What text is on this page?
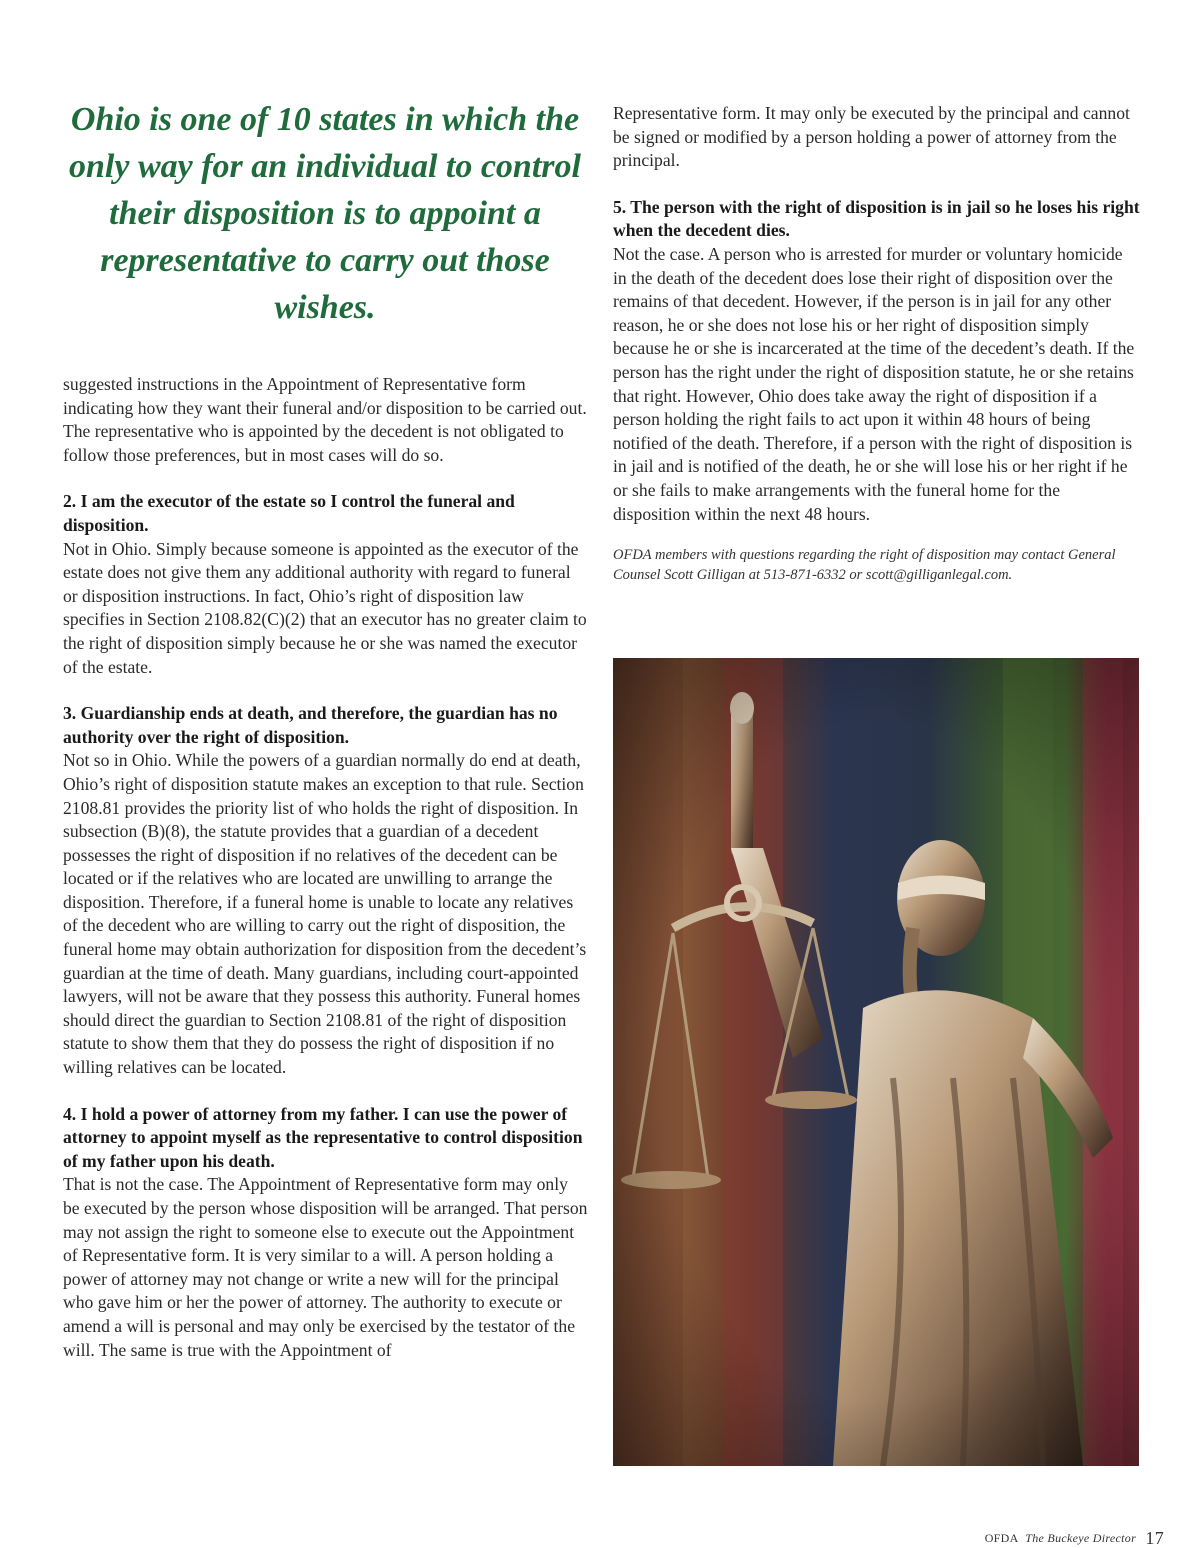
Ohio is one of 10 states in which the only way for an individual to control their disposition is to appoint a representative to carry out those wishes.

suggested instructions in the Appointment of Representative form indicating how they want their funeral and/or disposition to be carried out. The representative who is appointed by the decedent is not obligated to follow those preferences, but in most cases will do so.

2. I am the executor of the estate so I control the funeral and disposition.

Not in Ohio. Simply because someone is appointed as the executor of the estate does not give them any additional authority with regard to funeral or disposition instructions. In fact, Ohio’s right of disposition law specifies in Section 2108.82(C)(2) that an executor has no greater claim to the right of disposition simply because he or she was named the executor of the estate.

3. Guardianship ends at death, and therefore, the guardian has no authority over the right of disposition.

Not so in Ohio. While the powers of a guardian normally do end at death, Ohio’s right of disposition statute makes an exception to that rule. Section 2108.81 provides the priority list of who holds the right of disposition. In subsection (B)(8), the statute provides that a guardian of a decedent possesses the right of disposition if no relatives of the decedent can be located or if the relatives who are located are unwilling to arrange the disposition. Therefore, if a funeral home is unable to locate any relatives of the decedent who are willing to carry out the right of disposition, the funeral home may obtain authorization for disposition from the decedent’s guardian at the time of death. Many guardians, including court-appointed lawyers, will not be aware that they possess this authority. Funeral homes should direct the guardian to Section 2108.81 of the right of disposition statute to show them that they do possess the right of disposition if no willing relatives can be located.

4. I hold a power of attorney from my father. I can use the power of attorney to appoint myself as the representative to control disposition of my father upon his death.

That is not the case. The Appointment of Representative form may only be executed by the person whose disposition will be arranged. That person may not assign the right to someone else to execute out the Appointment of Representative form. It is very similar to a will. A person holding a power of attorney may not change or write a new will for the principal who gave him or her the power of attorney. The authority to execute or amend a will is personal and may only be exercised by the testator of the will. The same is true with the Appointment of

Representative form. It may only be executed by the principal and cannot be signed or modified by a person holding a power of attorney from the principal.

5. The person with the right of disposition is in jail so he loses his right when the decedent dies.

Not the case. A person who is arrested for murder or voluntary homicide in the death of the decedent does lose their right of disposition over the remains of that decedent. However, if the person is in jail for any other reason, he or she does not lose his or her right of disposition simply because he or she is incarcerated at the time of the decedent’s death. If the person has the right under the right of disposition statute, he or she retains that right. However, Ohio does take away the right of disposition if a person holding the right fails to act upon it within 48 hours of being notified of the death. Therefore, if a person with the right of disposition is in jail and is notified of the death, he or she will lose his or her right if he or she fails to make arrangements with the funeral home for the disposition within the next 48 hours.

OFDA members with questions regarding the right of disposition may contact General Counsel Scott Gilligan at 513-871-6332 or scott@gilliganlegal.com.

OFDA The Buckeye Director 17
